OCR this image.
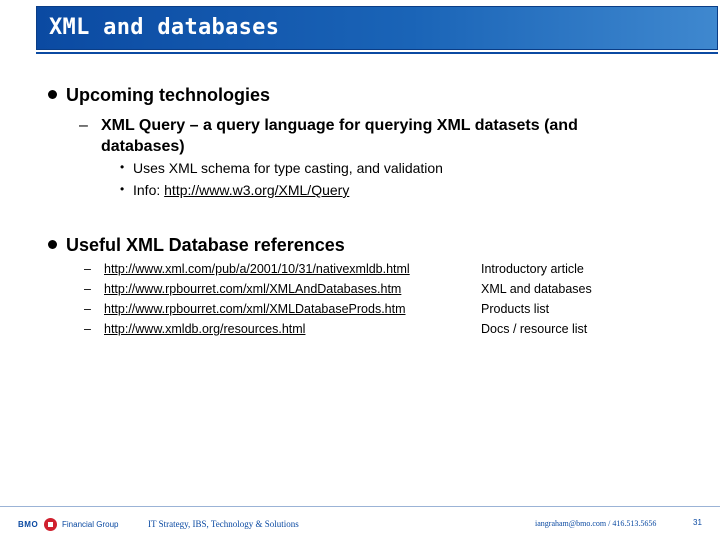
XML and databases
Upcoming technologies
– XML Query – a query language for querying XML datasets (and
databases)
• Uses XML schema for type casting, and validation
• Info: http://www.w3.org/XML/Query
Useful XML Database references
– http://www.xml.com/pub/a/2001/10/31/nativexmldb.html	Introductory article
– http://www.rpbourret.com/xml/XMLAndDatabases.htm	XML and databases
– http://www.rpbourret.com/xml/XMLDatabaseProds.htm	Products list
– http://www.xmldb.org/resources.html	Docs / resource list
BMO	Financial Group	IT Strategy, IBS, Technology & Solutions	iangraham@bmo.com / 416.513.5656	31
